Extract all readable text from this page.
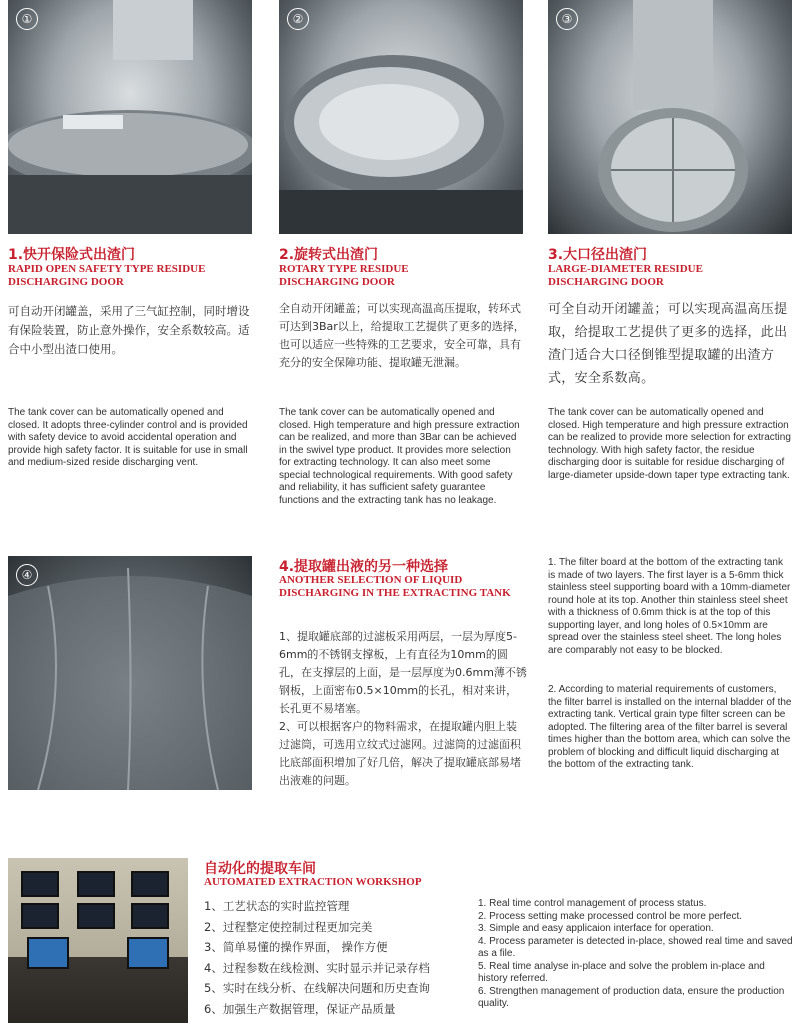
①	②	③
1.快开保险式出渣门
RAPID OPEN SAFETY TYPE RESIDUE
DISCHARGING DOOR
可自动开闭罐盖，采用了三气缸控制，同时增设有保险装置，防止意外操作，安全系数较高。适合中小型出渣口使用。
The tank cover can be automatically opened and closed. It adopts three-cylinder control and is provided with safety device to avoid accidental operation and provide high safety factor. It is suitable for use in small and medium-sized reside discharging vent.
2.旋转式出渣门
ROTARY TYPE RESIDUE
DISCHARGING DOOR
全自动开闭罐盖；可以实现高温高压提取，转环式可达到3Bar以上，给提取工艺提供了更多的选择，也可以适应一些特殊的工艺要求，安全可靠，具有充分的安全保障功能、提取罐无泄漏。
The tank cover can be automatically opened and closed. High temperature and high pressure extraction can be realized, and more than 3Bar can be achieved in the swivel type product. It provides more selection for extracting technology. It can also meet some special technological requirements. With good safety and reliability, it has sufficient safety guarantee functions and the extracting tank has no leakage.
3.大口径出渣门
LARGE-DIAMETER RESIDUE
DISCHARGING DOOR
可全自动开闭罐盖；可以实现高温高压提取，给提取工艺提供了更多的选择，此出渣门适合大口径倒锥型提取罐的出渣方式，安全系数高。
The tank cover can be automatically opened and closed. High temperature and high pressure extraction can be realized to provide more selection for extracting technology. With high safety factor, the residue discharging door is suitable for residue discharging of large-diameter upside-down taper type extracting tank.
④	4.提取罐出液的另一种选择
ANOTHER SELECTION OF LIQUID
DISCHARGING IN THE EXTRACTING TANK
1、提取罐底部的过滤板采用两层，一层为厚度5-6mm的不锈钢支撑板，上有直径为10mm的圆孔，在支撑层的上面，是一层厚度为0.6mm薄不锈钢板，上面密布0.5×10mm的长孔，相对来讲，长孔更不易堵塞。
2、可以根据客户的物料需求，在提取罐内胆上装过滤筒，可选用立纹式过滤网。过滤筒的过滤面积比底部面积增加了好几倍，解决了提取罐底部易堵出液难的问题。
1. The filter board at the bottom of the extracting tank is made of two layers. The first layer is a 5-6mm thick stainless steel supporting board with a 10mm-diameter round hole at its top. Another thin stainless steel sheet with a thickness of 0.6mm thick is at the top of this supporting layer, and long holes of 0.5×10mm are spread over the stainless steel sheet. The long holes are comparably not easy to be blocked.
2. According to material requirements of customers, the filter barrel is installed on the internal bladder of the extracting tank. Vertical grain type filter screen can be adopted. The filtering area of the filter barrel is several times higher than the bottom area, which can solve the problem of blocking and difficult liquid discharging at the bottom of the extracting tank.
自动化的提取车间
AUTOMATED EXTRACTION WORKSHOP
1、工艺状态的实时监控管理
2、过程整定使控制过程更加完美
3、简单易懂的操作界面， 操作方便
4、过程参数在线检测、实时显示并记录存档
5、实时在线分析、在线解决问题和历史查询
6、加强生产数据管理，保证产品质量
1. Real time control management of process status.
2. Process setting make processed control be more perfect.
3. Simple and easy applicaion interface for operation.
4. Process parameter is detected in-place, showed real time and saved as a file.
5. Real time analyse in-place and solve the problem in-place and history referred.
6. Strengthen management of production data, ensure the production quality.
